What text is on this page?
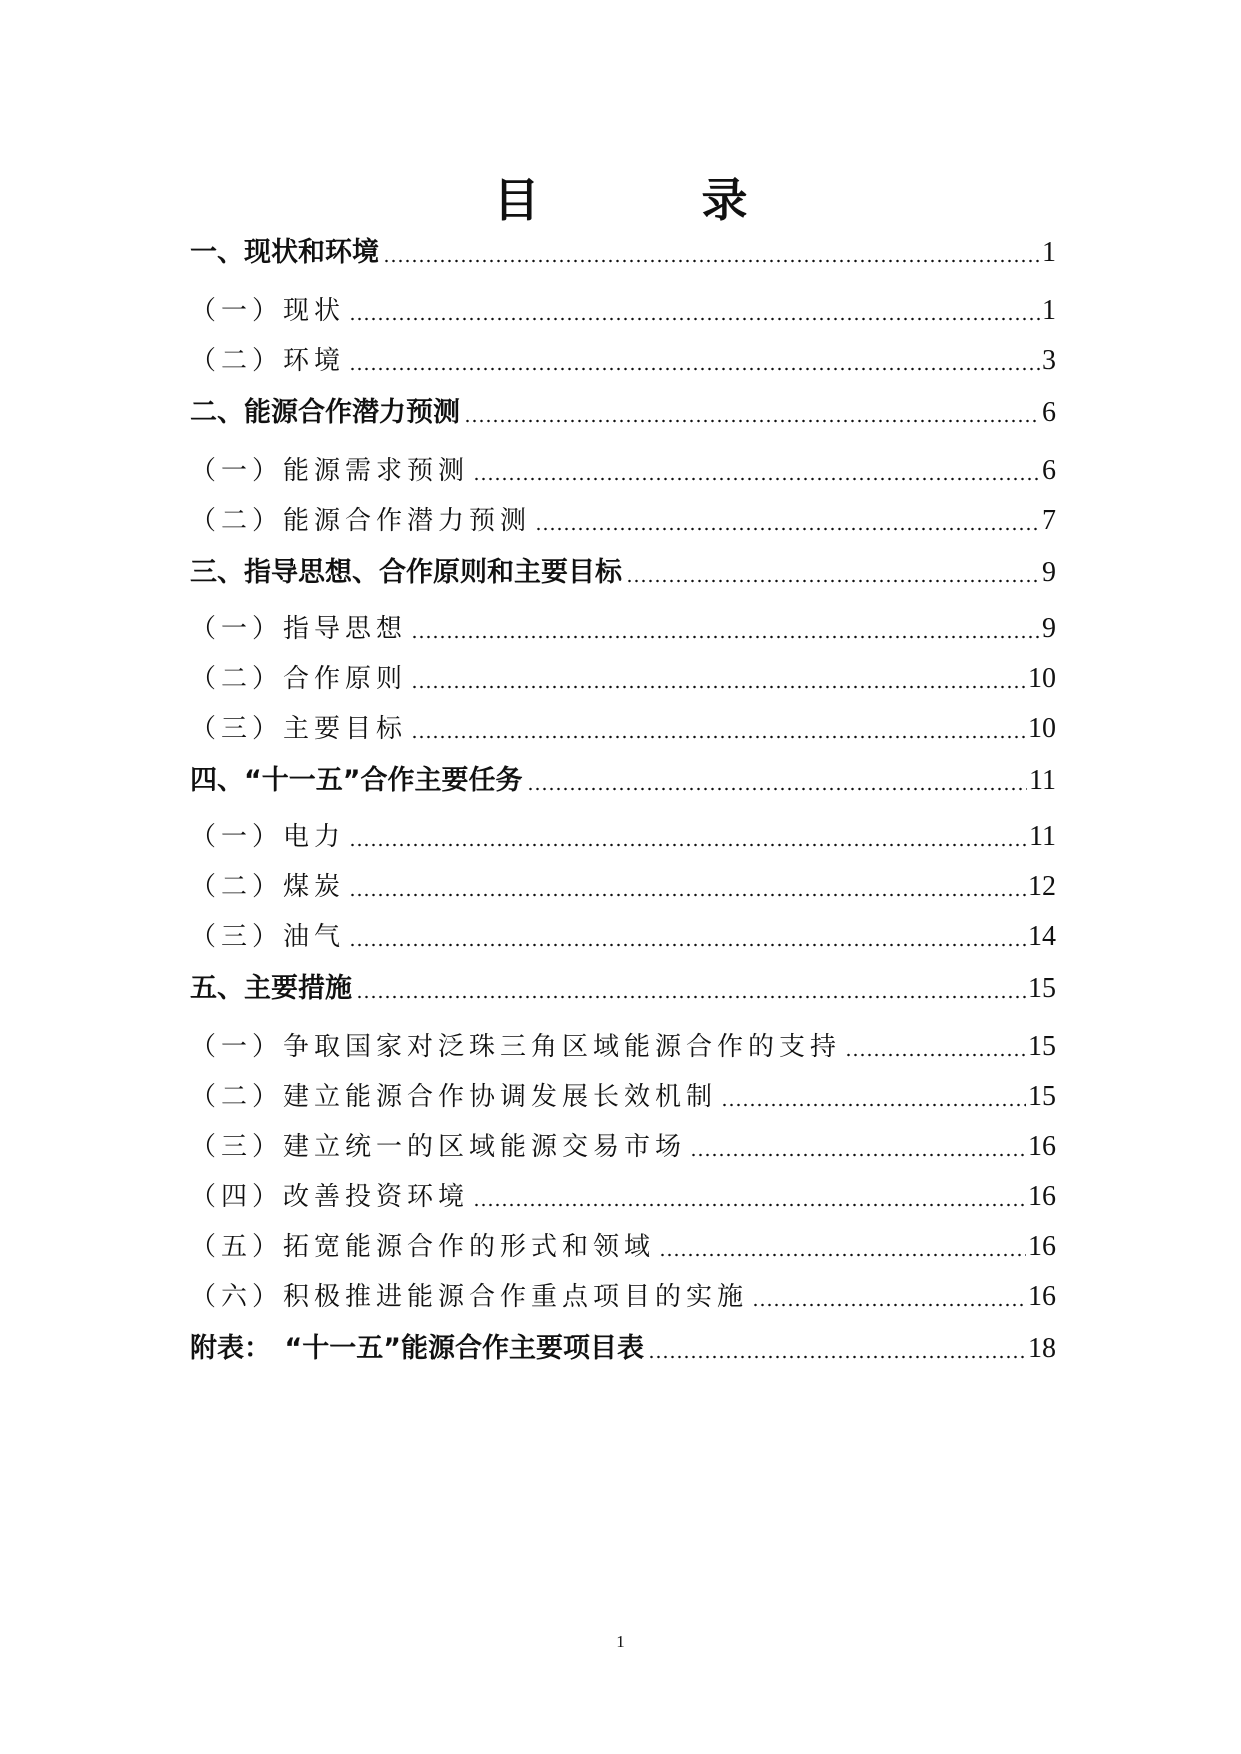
目　录
一、现状和环境	1
（一）现状	1
（二）环境	3
二、能源合作潜力预测	6
（一）能源需求预测	6
（二）能源合作潜力预测	7
三、指导思想、合作原则和主要目标	9
（一）指导思想	9
（二）合作原则	10
（三）主要目标	10
四、“十一五”合作主要任务	11
（一）电力	11
（二）煤炭	12
（三）油气	14
五、主要措施	15
（一）争取国家对泛珠三角区域能源合作的支持	15
（二）建立能源合作协调发展长效机制	15
（三）建立统一的区域能源交易市场	16
（四）改善投资环境	16
（五）拓宽能源合作的形式和领域	16
（六）积极推进能源合作重点项目的实施	16
附表：　“十一五”能源合作主要项目表	18
1
